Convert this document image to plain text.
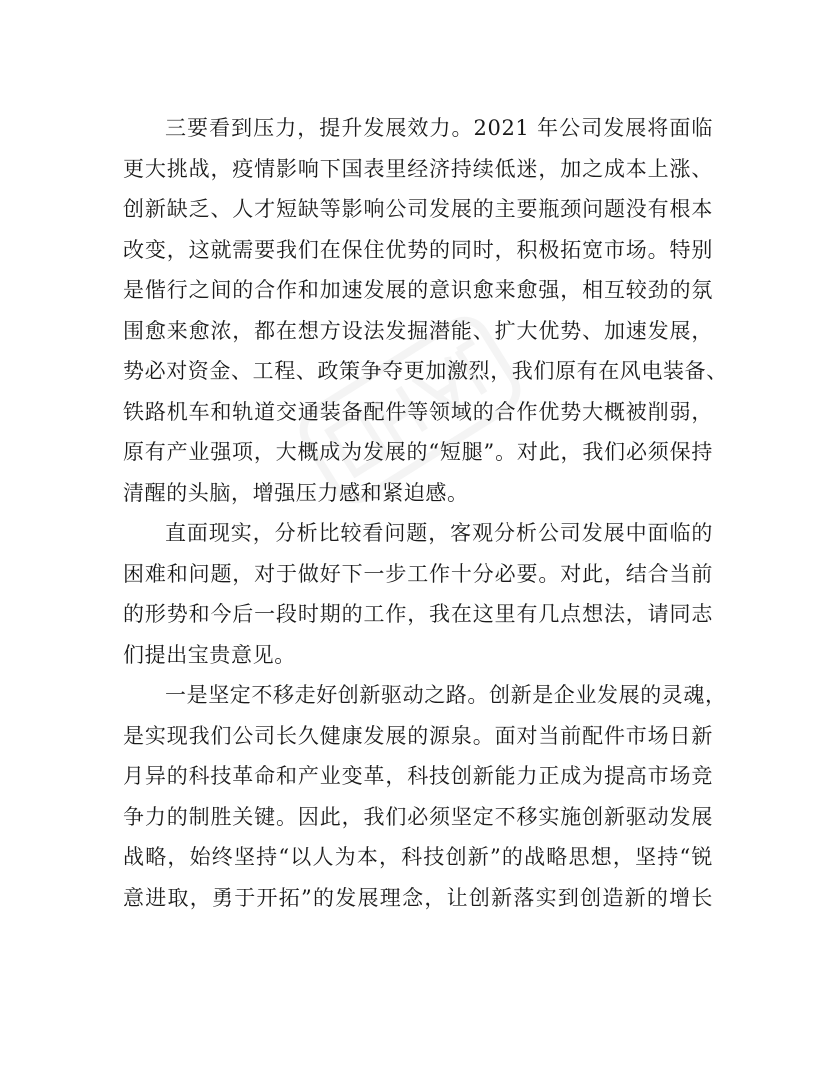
三要看到压力，提升发展效力。2021 年公司发展将面临
更大挑战，疫情影响下国表里经济持续低迷，加之成本上涨、
创新缺乏、人才短缺等影响公司发展的主要瓶颈问题没有根本
改变，这就需要我们在保住优势的同时，积极拓宽市场。特别
是偕行之间的合作和加速发展的意识愈来愈强，相互较劲的氛
围愈来愈浓，都在想方设法发掘潜能、扩大优势、加速发展，
势必对资金、工程、政策争夺更加激烈，我们原有在风电装备、
铁路机车和轨道交通装备配件等领域的合作优势大概被削弱，
原有产业强项，大概成为发展的“短腿”。对此，我们必须保持
清醒的头脑，增强压力感和紧迫感。

直面现实，分析比较看问题，客观分析公司发展中面临的
困难和问题，对于做好下一步工作十分必要。对此，结合当前
的形势和今后一段时期的工作，我在这里有几点想法，请同志
们提出宝贵意见。

一是坚定不移走好创新驱动之路。创新是企业发展的灵魂，
是实现我们公司长久健康发展的源泉。面对当前配件市场日新
月异的科技革命和产业变革，科技创新能力正成为提高市场竞
争力的制胜关键。因此，我们必须坚定不移实施创新驱动发展
战略，始终坚持“以人为本，科技创新”的战略思想，坚持“锐
意进取，勇于开拓”的发展理念，让创新落实到创造新的增长
